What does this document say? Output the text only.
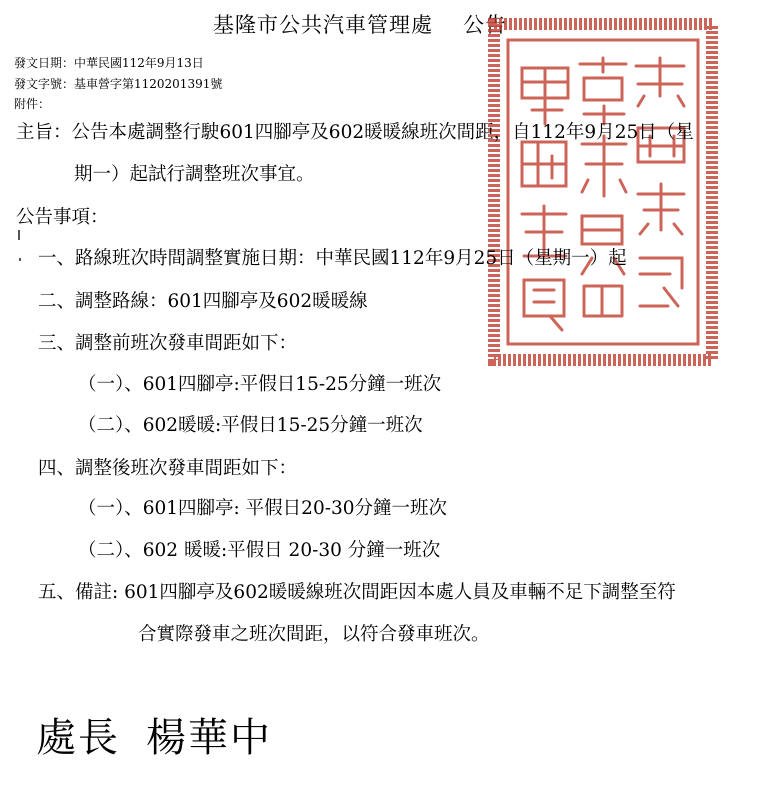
基隆市公共汽車管理處 公告
發文日期：中華民國112年9月13日
發文字號：基車營字第1120201391號
附件：
主旨：公告本處調整行駛601四腳亭及602暖暖線班次間距，自112年9月25日（星
期一）起試行調整班次事宜。
公告事項：
一、路線班次時間調整實施日期：中華民國112年9月25日（星期一）起
二、調整路線：601四腳亭及602暖暖線
三、調整前班次發車間距如下：
（一）、601四腳亭:平假日15-25分鐘一班次
（二）、602暖暖:平假日15-25分鐘一班次
四、調整後班次發車間距如下：
（一）、601四腳亭: 平假日20-30分鐘一班次
（二）、602 暖暖:平假日 20-30 分鐘一班次
五、備註: 601四腳亭及602暖暖線班次間距因本處人員及車輛不足下調整至符
合實際發車之班次間距，以符合發車班次。
處長 楊華中
